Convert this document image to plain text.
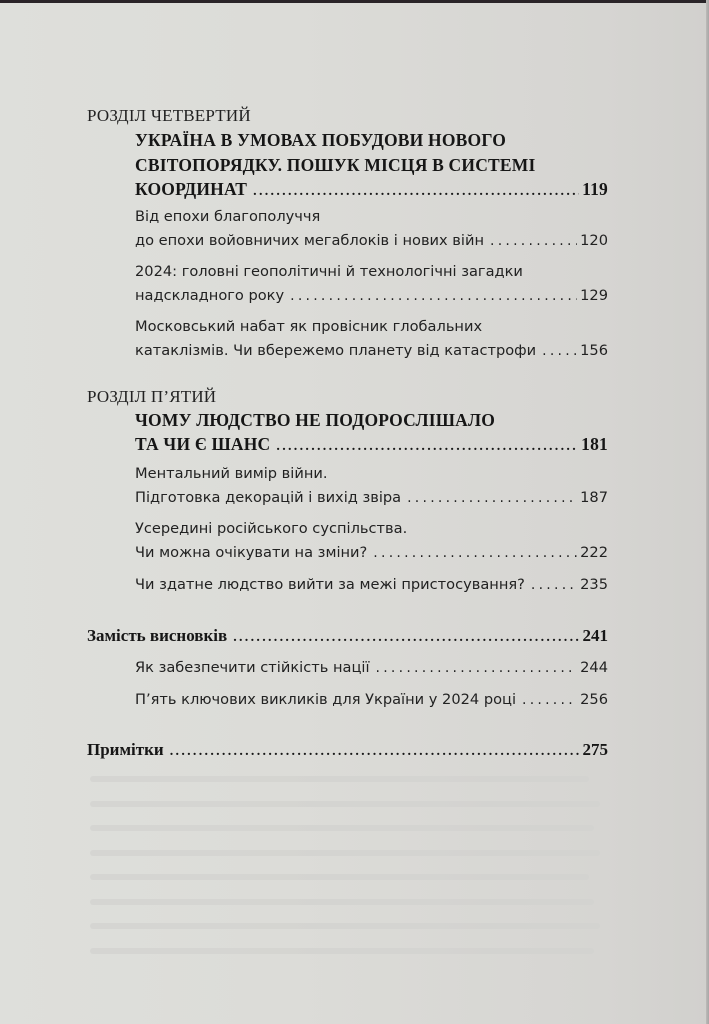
РОЗДІЛ ЧЕТВЕРТИЙ
УКРАЇНА В УМОВАХ ПОБУДОВИ НОВОГО
СВІТОПОРЯДКУ. ПОШУК МІСЦЯ В СИСТЕМІ
КООРДИНАТ . . .	119
Від епохи благополуччя
до епохи войовничих мегаблоків і нових війн . . .	120
2024: головні геополітичні й технологічні загадки
надскладного року . . .	129
Московський набат як провісник глобальних
катаклізмів. Чи вбережемо планету від катастрофи . . .	156
РОЗДІЛ П’ЯТИЙ
ЧОМУ ЛЮДСТВО НЕ ПОДОРОСЛІШАЛО
ТА ЧИ Є ШАНС . . .	181
Ментальний вимір війни.
Підготовка декорацій і вихід звіра . . .	187
Усередині російського суспільства.
Чи можна очікувати на зміни? . . .	222
Чи здатне людство вийти за межі пристосування? . . .	235
Замість висновків . . .	241
Як забезпечити стійкість нації . . .	244
П’ять ключових викликів для України у 2024 році . . .	256
Примітки . . .	275
